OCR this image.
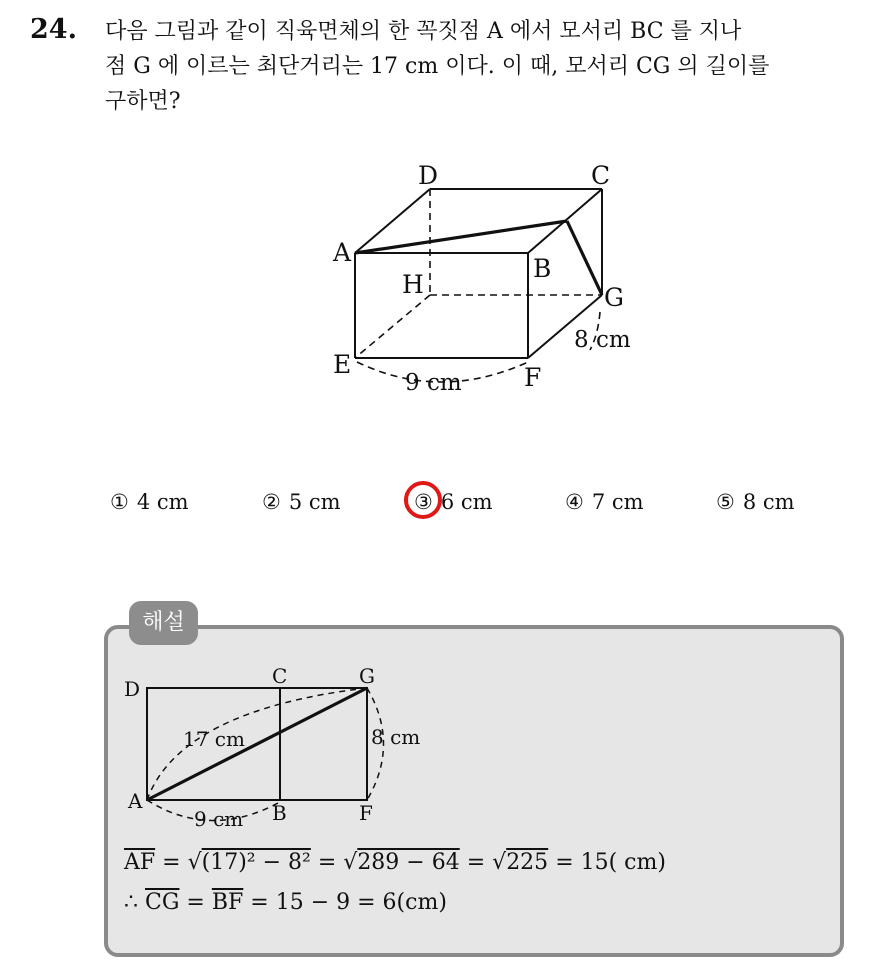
24. 다음 그림과 같이 직육면체의 한 꼭짓점 A 에서 모서리 BC 를 지나
점 G 에 이르는 최단거리는 17 cm 이다. 이 때, 모서리 CG 의 길이를
구하면?
D	C
A
B
H	G
E	F
9 cm
8 cm
① 4 cm	② 5 cm	③ 6 cm	④ 7 cm	⑤ 8 cm
해설
D
C	G
A	B	F
17 cm
9 cm
8 cm
$\overline{AF} = √(17)^2 - 8^2 = √289 - 64 = √225 = 15$( cm)
∴ $\overline{CG} = \overline{BF} = 15 - 9 = 6(cm)$
